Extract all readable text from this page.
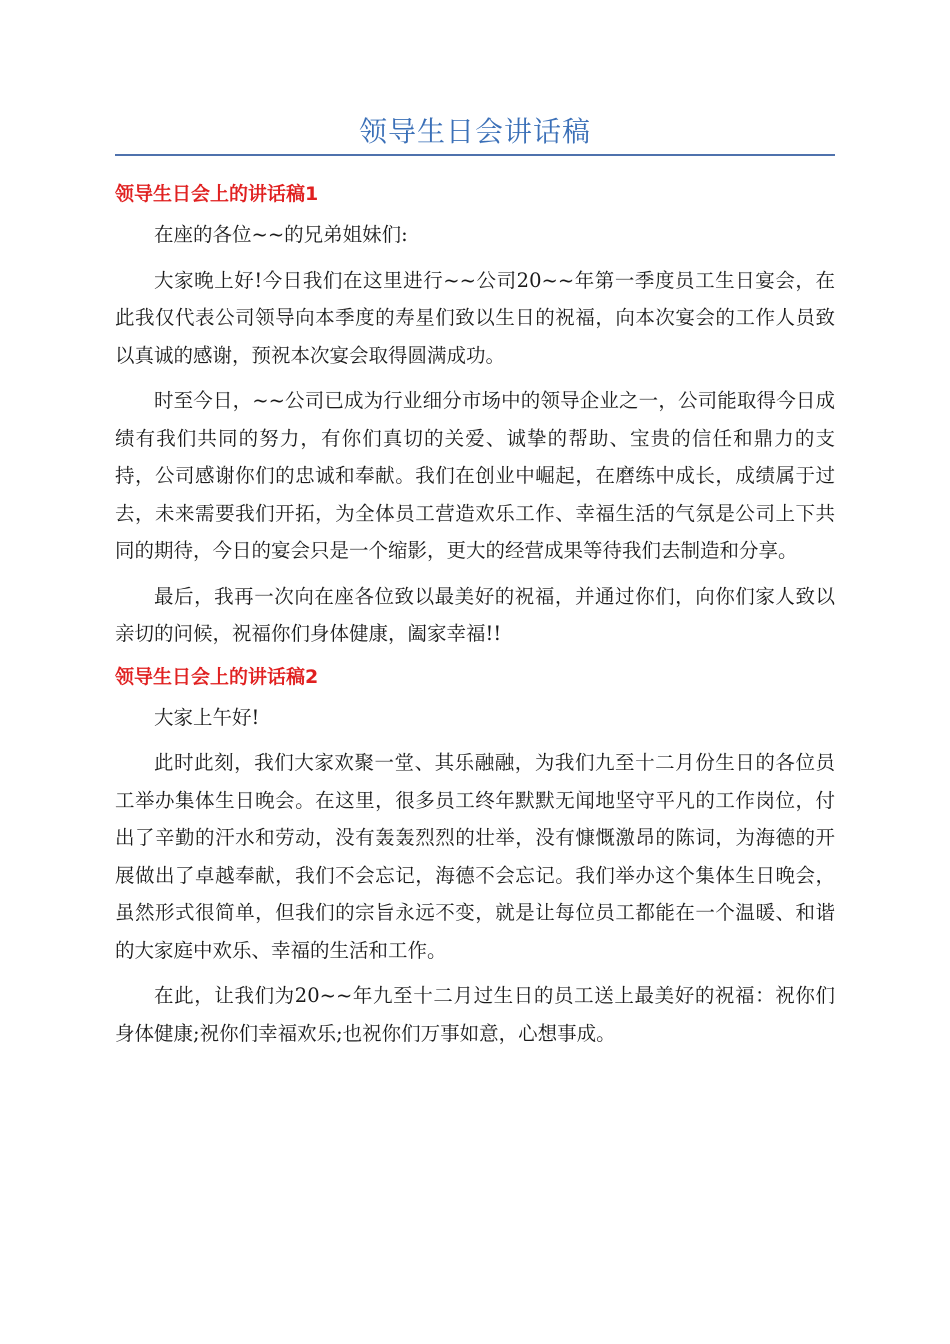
领导生日会讲话稿
领导生日会上的讲话稿1

在座的各位~~的兄弟姐妹们:

大家晚上好!今日我们在这里进行~~公司20~~年第一季度员工生日宴会，在此我仅代表公司领导向本季度的寿星们致以生日的祝福，向本次宴会的工作人员致以真诚的感谢，预祝本次宴会取得圆满成功。

时至今日，~~公司已成为行业细分市场中的领导企业之一，公司能取得今日成绩有我们共同的努力，有你们真切的关爱、诚挚的帮助、宝贵的信任和鼎力的支持，公司感谢你们的忠诚和奉献。我们在创业中崛起，在磨练中成长，成绩属于过去，未来需要我们开拓，为全体员工营造欢乐工作、幸福生活的气氛是公司上下共同的期待，今日的宴会只是一个缩影，更大的经营成果等待我们去制造和分享。

最后，我再一次向在座各位致以最美好的祝福，并通过你们，向你们家人致以亲切的问候，祝福你们身体健康，阖家幸福!!

领导生日会上的讲话稿2

大家上午好!

此时此刻，我们大家欢聚一堂、其乐融融，为我们九至十二月份生日的各位员工举办集体生日晚会。在这里，很多员工终年默默无闻地坚守平凡的工作岗位，付出了辛勤的汗水和劳动，没有轰轰烈烈的壮举，没有慷慨激昂的陈词，为海德的开展做出了卓越奉献，我们不会忘记，海德不会忘记。我们举办这个集体生日晚会，虽然形式很简单，但我们的宗旨永远不变，就是让每位员工都能在一个温暖、和谐的大家庭中欢乐、幸福的生活和工作。

在此，让我们为20~~年九至十二月过生日的员工送上最美好的祝福：祝你们身体健康;祝你们幸福欢乐;也祝你们万事如意，心想事成。
